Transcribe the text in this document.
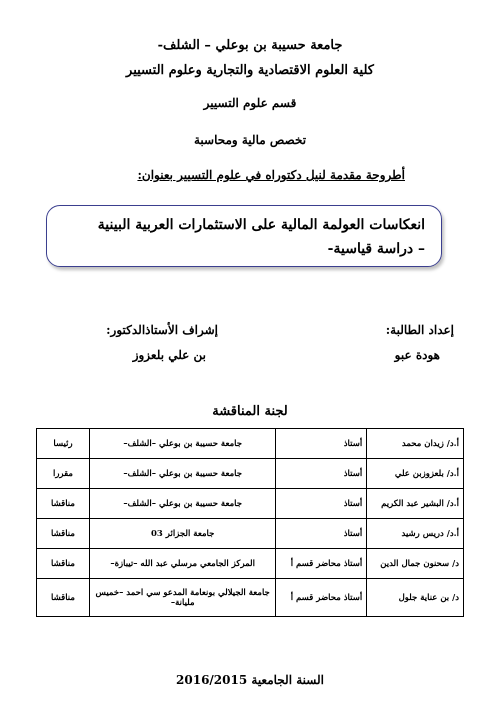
جامعة حسيبة بن بوعلي – الشلف-
كلية العلوم الاقتصادية والتجارية وعلوم التسيير
قسم علوم التسيير
تخصص مالية ومحاسبة
أطروحة مقدمة لنيل دكتوراه في علوم التسيير بعنوان:
انعكاسات العولمة المالية على الاستثمارات العربية البينية
– دراسة قياسية-
إعداد الطالبة:
هودة عبو
إشراف الأستاذالدكتور:
بن علي بلعزوز
لجنة المناقشة
أ.د/ زيدان محمد	أستاذ	جامعة حسيبة بن بوعلي –الشلف–	رئيسا
أ.د/ بلعزوزبن علي	أستاذ	جامعة حسيبة بن بوعلي –الشلف–	مقررا
أ.د/ البشير عبد الكريم	أستاذ	جامعة حسيبة بن بوعلي –الشلف–	مناقشا
أ.د/ دريس رشيد	أستاذ	جامعة الجزائر 03	مناقشا
د/ سحنون جمال الدين	أستاذ محاضر قسم أ	المركز الجامعي مرسلي عبد الله –تيبازة–	مناقشا
د/ بن عناية جلول	أستاذ محاضر قسم أ	جامعة الجيلالي بونعامة المدعو سي احمد –خميس مليانة–	مناقشا
السنة الجامعية 2016/2015
